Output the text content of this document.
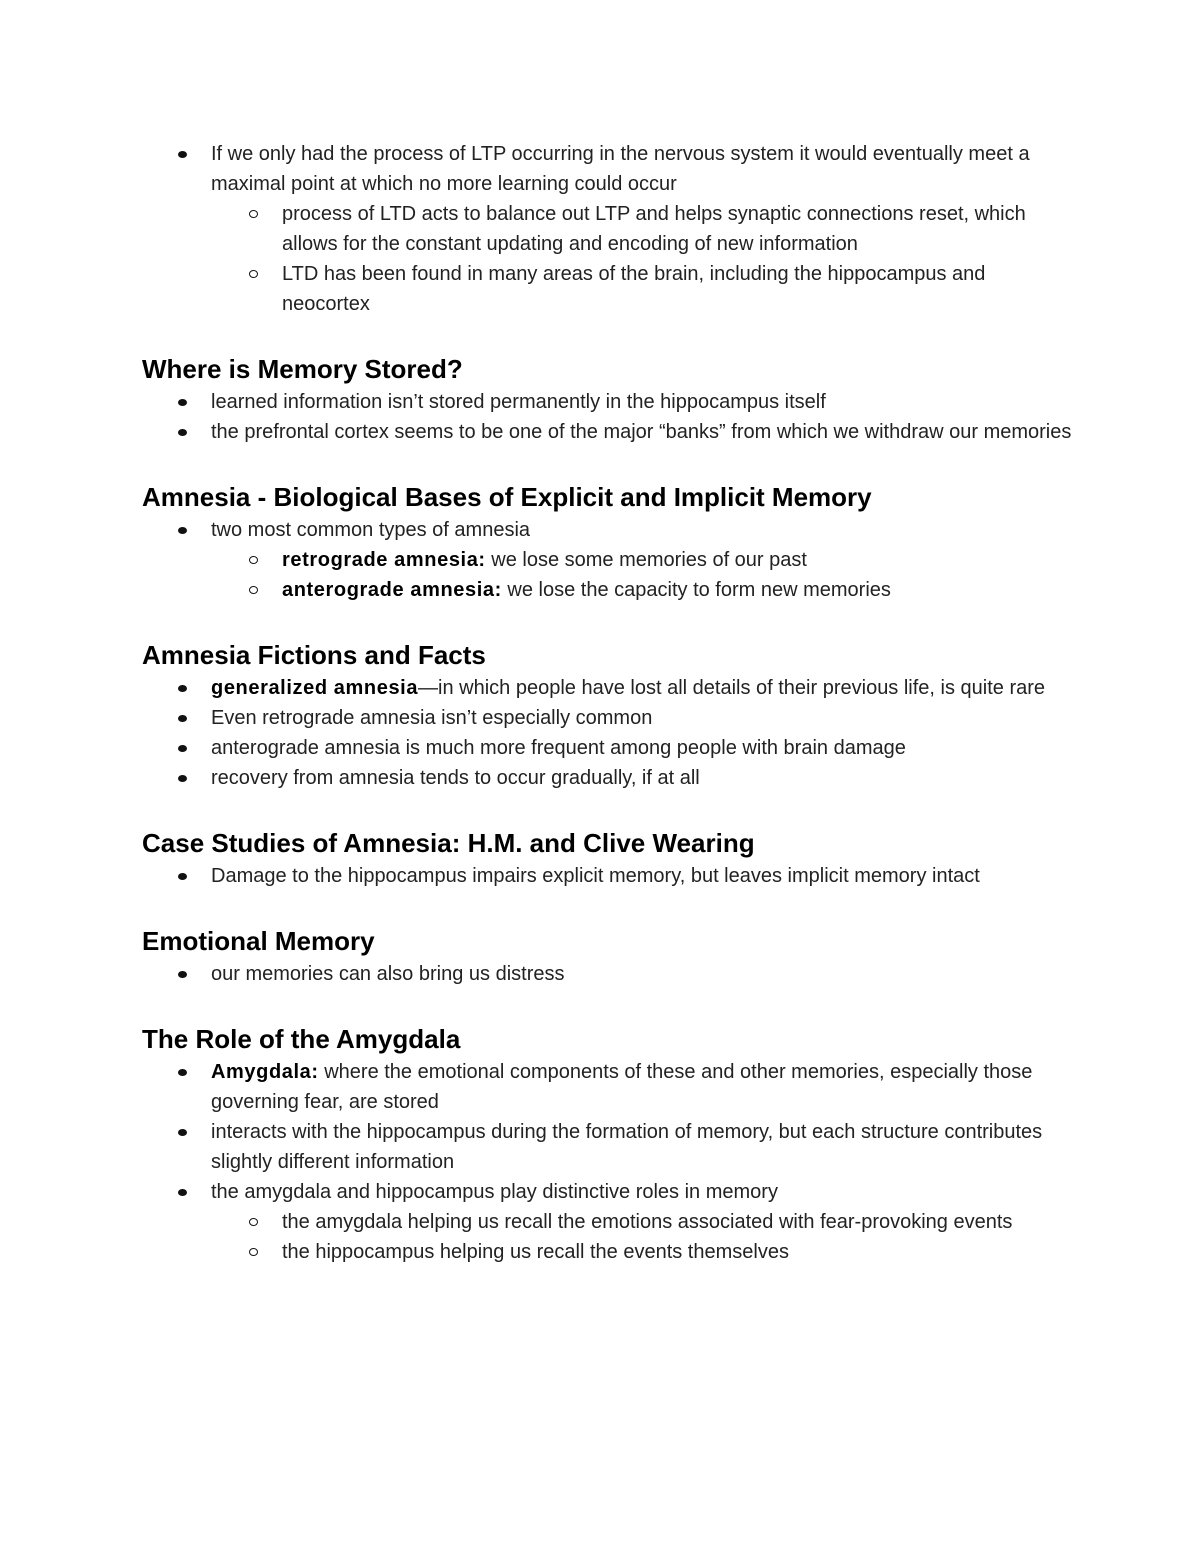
If we only had the process of LTP occurring in the nervous system it would eventually meet a maximal point at which no more learning could occur
process of LTD acts to balance out LTP and helps synaptic connections reset, which allows for the constant updating and encoding of new information
LTD has been found in many areas of the brain, including the hippocampus and neocortex
Where is Memory Stored?
learned information isn’t stored permanently in the hippocampus itself
the prefrontal cortex seems to be one of the major “banks” from which we withdraw our memories
Amnesia - Biological Bases of Explicit and Implicit Memory
two most common types of amnesia
retrograde amnesia: we lose some memories of our past
anterograde amnesia: we lose the capacity to form new memories
Amnesia Fictions and Facts
generalized amnesia—in which people have lost all details of their previous life, is quite rare
Even retrograde amnesia isn’t especially common
anterograde amnesia is much more frequent among people with brain damage
recovery from amnesia tends to occur gradually, if at all
Case Studies of Amnesia: H.M. and Clive Wearing
Damage to the hippocampus impairs explicit memory, but leaves implicit memory intact
Emotional Memory
our memories can also bring us distress
The Role of the Amygdala
Amygdala: where the emotional components of these and other memories, especially those governing fear, are stored
interacts with the hippocampus during the formation of memory, but each structure contributes slightly different information
the amygdala and hippocampus play distinctive roles in memory
the amygdala helping us recall the emotions associated with fear-provoking events
the hippocampus helping us recall the events themselves
